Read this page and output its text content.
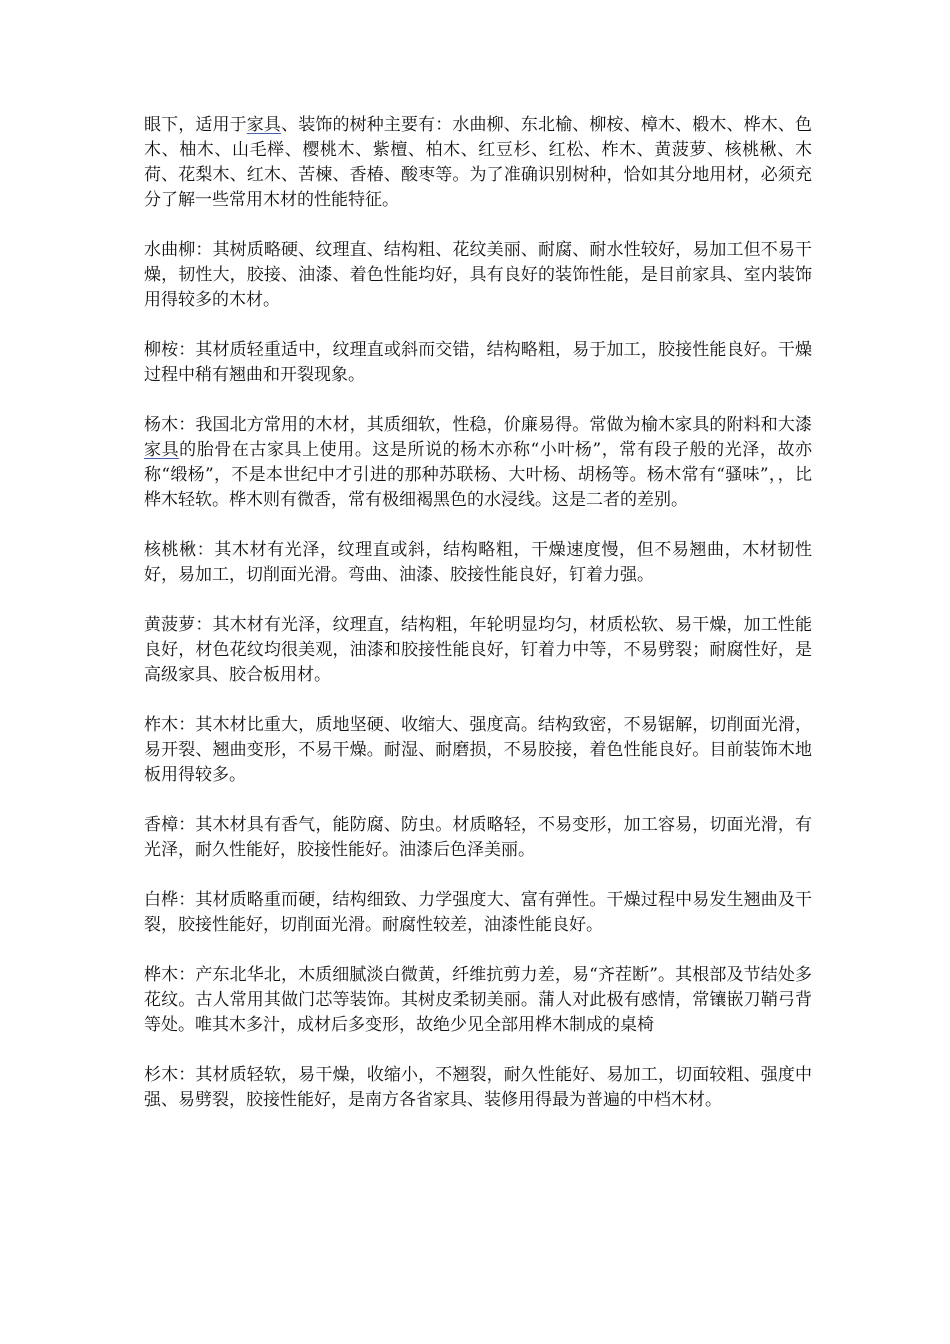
眼下，适用于家具、装饰的树种主要有：水曲柳、东北榆、柳桉、樟木、椴木、桦木、色木、柚木、山毛榉、樱桃木、紫檀、柏木、红豆杉、红松、柞木、黄菠萝、核桃楸、木荷、花梨木、红木、苦楝、香椿、酸枣等。为了准确识别树种，恰如其分地用材，必须充分了解一些常用木材的性能特征。

水曲柳：其树质略硬、纹理直、结构粗、花纹美丽、耐腐、耐水性较好，易加工但不易干燥，韧性大，胶接、油漆、着色性能均好，具有良好的装饰性能，是目前家具、室内装饰用得较多的木材。

柳桉：其材质轻重适中，纹理直或斜而交错，结构略粗，易于加工，胶接性能良好。干燥过程中稍有翘曲和开裂现象。

杨木：我国北方常用的木材，其质细软，性稳，价廉易得。常做为榆木家具的附料和大漆家具的胎骨在古家具上使用。这是所说的杨木亦称“小叶杨”，常有段子般的光泽，故亦称“缎杨”，不是本世纪中才引进的那种苏联杨、大叶杨、胡杨等。杨木常有“骚味”，，比桦木轻软。桦木则有微香，常有极细褐黑色的水浸线。这是二者的差别。

核桃楸：其木材有光泽，纹理直或斜，结构略粗，干燥速度慢，但不易翘曲，木材韧性好，易加工，切削面光滑。弯曲、油漆、胶接性能良好，钉着力强。

黄菠萝：其木材有光泽，纹理直，结构粗，年轮明显均匀，材质松软、易干燥，加工性能良好，材色花纹均很美观，油漆和胶接性能良好，钉着力中等，不易劈裂；耐腐性好，是高级家具、胶合板用材。

柞木：其木材比重大，质地坚硬、收缩大、强度高。结构致密，不易锯解，切削面光滑，易开裂、翘曲变形，不易干燥。耐湿、耐磨损，不易胶接，着色性能良好。目前装饰木地板用得较多。

香樟：其木材具有香气，能防腐、防虫。材质略轻，不易变形，加工容易，切面光滑，有光泽，耐久性能好，胶接性能好。油漆后色泽美丽。

白桦：其材质略重而硬，结构细致、力学强度大、富有弹性。干燥过程中易发生翘曲及干裂，胶接性能好，切削面光滑。耐腐性较差，油漆性能良好。

桦木：产东北华北，木质细腻淡白微黄，纤维抗剪力差，易“齐茬断”。其根部及节结处多花纹。古人常用其做门芯等装饰。其树皮柔韧美丽。蒲人对此极有感情，常镶嵌刀鞘弓背等处。唯其木多汁，成材后多变形，故绝少见全部用桦木制成的桌椅

杉木：其材质轻软，易干燥，收缩小，不翘裂，耐久性能好、易加工，切面较粗、强度中强、易劈裂，胶接性能好，是南方各省家具、装修用得最为普遍的中档木材。
